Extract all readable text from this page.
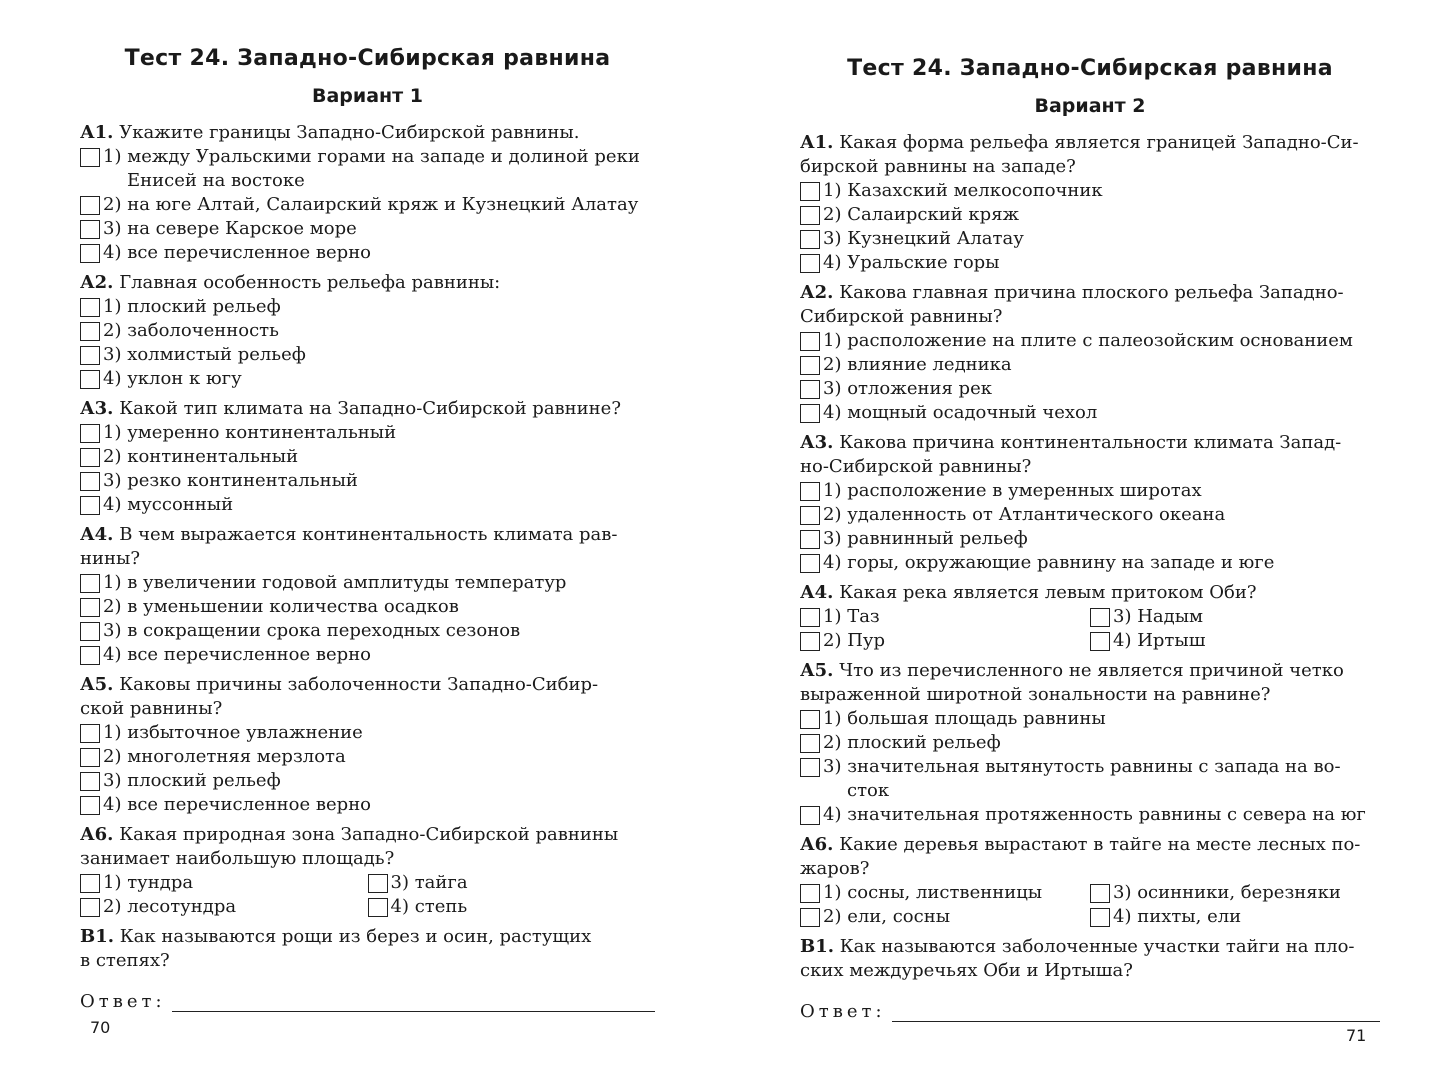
Тест 24. Западно-Сибирская равнина
Вариант 1
А1. Укажите границы Западно-Сибирской равнины.
1) между Уральскими горами на западе и долиной реки
Енисей на востоке
2) на юге Алтай, Салаирский кряж и Кузнецкий Алатау
3) на севере Карское море
4) все перечисленное верно
А2. Главная особенность рельефа равнины:
1) плоский рельеф
2) заболоченность
3) холмистый рельеф
4) уклон к югу
А3. Какой тип климата на Западно-Сибирской равнине?
1) умеренно континентальный
2) континентальный
3) резко континентальный
4) муссонный
А4. В чем выражается континентальность климата рав-
нины?
1) в увеличении годовой амплитуды температур
2) в уменьшении количества осадков
3) в сокращении срока переходных сезонов
4) все перечисленное верно
А5. Каковы причины заболоченности Западно-Сибир-
ской равнины?
1) избыточное увлажнение
2) многолетняя мерзлота
3) плоский рельеф
4) все перечисленное верно
А6. Какая природная зона Западно-Сибирской равнины
занимает наибольшую площадь?
1) тундра	3) тайга
2) лесотундра	4) степь
В1. Как называются рощи из берез и осин, растущих
в степях?
Ответ:
70
Тест 24. Западно-Сибирская равнина
Вариант 2
А1. Какая форма рельефа является границей Западно-Си-
бирской равнины на западе?
1) Казахский мелкосопочник
2) Салаирский кряж
3) Кузнецкий Алатау
4) Уральские горы
А2. Какова главная причина плоского рельефа Западно-
Сибирской равнины?
1) расположение на плите с палеозойским основанием
2) влияние ледника
3) отложения рек
4) мощный осадочный чехол
А3. Какова причина континентальности климата Запад-
но-Сибирской равнины?
1) расположение в умеренных широтах
2) удаленность от Атлантического океана
3) равнинный рельеф
4) горы, окружающие равнину на западе и юге
А4. Какая река является левым притоком Оби?
1) Таз	3) Надым
2) Пур	4) Иртыш
А5. Что из перечисленного не является причиной четко
выраженной широтной зональности на равнине?
1) большая площадь равнины
2) плоский рельеф
3) значительная вытянутость равнины с запада на во-
сток
4) значительная протяженность равнины с севера на юг
А6. Какие деревья вырастают в тайге на месте лесных по-
жаров?
1) сосны, лиственницы	3) осинники, березняки
2) ели, сосны	4) пихты, ели
В1. Как называются заболоченные участки тайги на пло-
ских междуречьях Оби и Иртыша?
Ответ:
71
